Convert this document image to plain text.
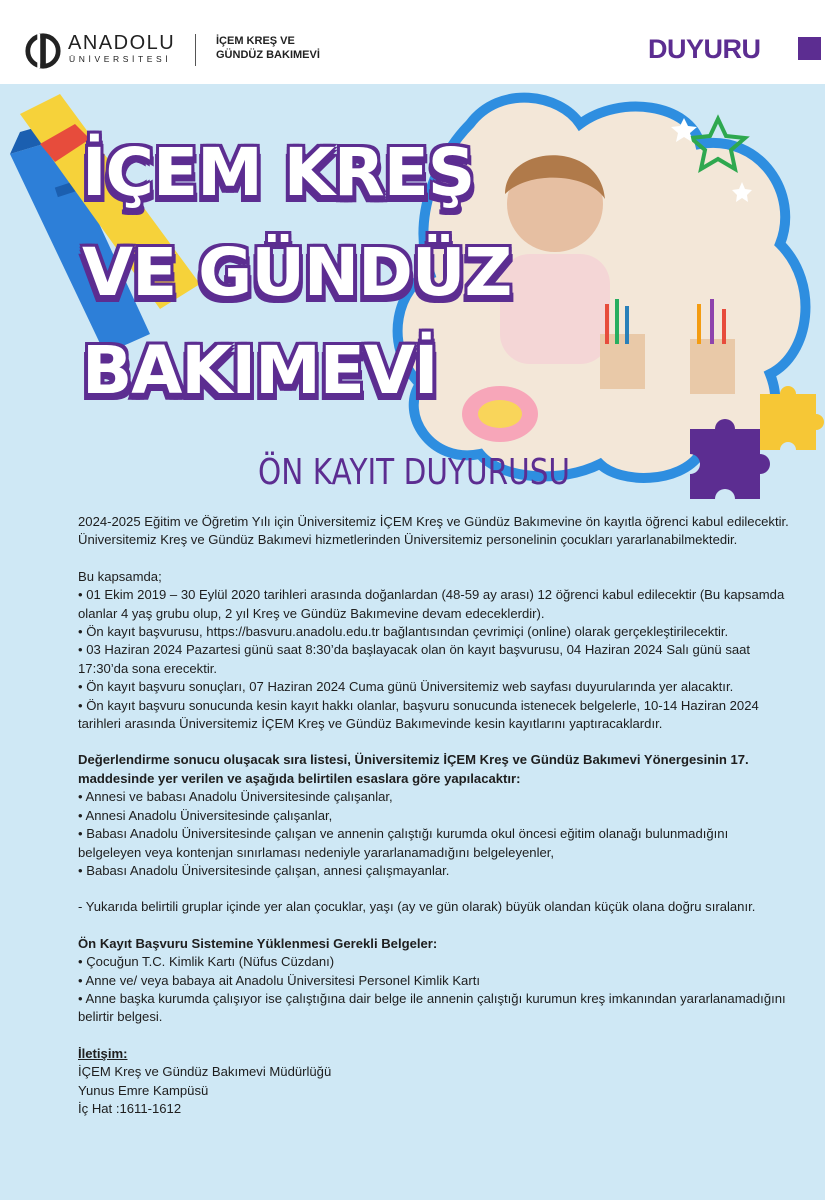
ANADOLU
ÜNİVERSİTESİ
İÇEM KREŞ VE
GÜNDÜZ BAKIMEVİ	DUYURU
İÇEM KREŞ
VE GÜNDÜZ
BAKIMEVİ
ÖN KAYIT DUYURUSU

2024-2025 Eğitim ve Öğretim Yılı için Üniversitemiz İÇEM Kreş ve Gündüz Bakımevine ön kayıtla öğrenci kabul edilecektir. Üniversitemiz Kreş ve Gündüz Bakımevi hizmetlerinden Üniversitemiz personelinin çocukları yararlanabilmektedir.

Bu kapsamda;

• 01 Ekim 2019 – 30 Eylül 2020 tarihleri arasında doğanlardan (48-59 ay arası) 12 öğrenci kabul edilecektir (Bu kapsamda olanlar 4 yaş grubu olup, 2 yıl Kreş ve Gündüz Bakımevine devam edeceklerdir).

• Ön kayıt başvurusu, https://basvuru.anadolu.edu.tr bağlantısından çevrimiçi (online) olarak gerçekleştirilecektir.

• 03 Haziran 2024 Pazartesi günü saat 8:30’da başlayacak olan ön kayıt başvurusu, 04 Haziran 2024 Salı günü saat 17:30’da sona erecektir.

• Ön kayıt başvuru sonuçları, 07 Haziran 2024 Cuma günü Üniversitemiz web sayfası duyurularında yer alacaktır.

• Ön kayıt başvuru sonucunda kesin kayıt hakkı olanlar, başvuru sonucunda istenecek belgelerle, 10-14 Haziran 2024 tarihleri arasında Üniversitemiz İÇEM Kreş ve Gündüz Bakımevinde kesin kayıtlarını yaptıracaklardır.

Değerlendirme sonucu oluşacak sıra listesi, Üniversitemiz İÇEM Kreş ve Gündüz Bakımevi Yönergesinin 17. maddesinde yer verilen ve aşağıda belirtilen esaslara göre yapılacaktır:

• Annesi ve babası Anadolu Üniversitesinde çalışanlar,

• Annesi Anadolu Üniversitesinde çalışanlar,

• Babası Anadolu Üniversitesinde çalışan ve annenin çalıştığı kurumda okul öncesi eğitim olanağı bulunmadığını belgeleyen veya kontenjan sınırlaması nedeniyle yararlanamadığını belgeleyenler,

• Babası Anadolu Üniversitesinde çalışan, annesi çalışmayanlar.

- Yukarıda belirtili gruplar içinde yer alan çocuklar, yaşı (ay ve gün olarak) büyük olandan küçük olana doğru sıralanır.

Ön Kayıt Başvuru Sistemine Yüklenmesi Gerekli Belgeler:

• Çocuğun T.C. Kimlik Kartı (Nüfus Cüzdanı)

• Anne ve/ veya babaya ait Anadolu Üniversitesi Personel Kimlik Kartı

• Anne başka kurumda çalışıyor ise çalıştığına dair belge ile annenin çalıştığı kurumun kreş imkanından yararlanamadığını belirtir belgesi.

İletişim:

İÇEM Kreş ve Gündüz Bakımevi Müdürlüğü

Yunus Emre Kampüsü

İç Hat :1611-1612
